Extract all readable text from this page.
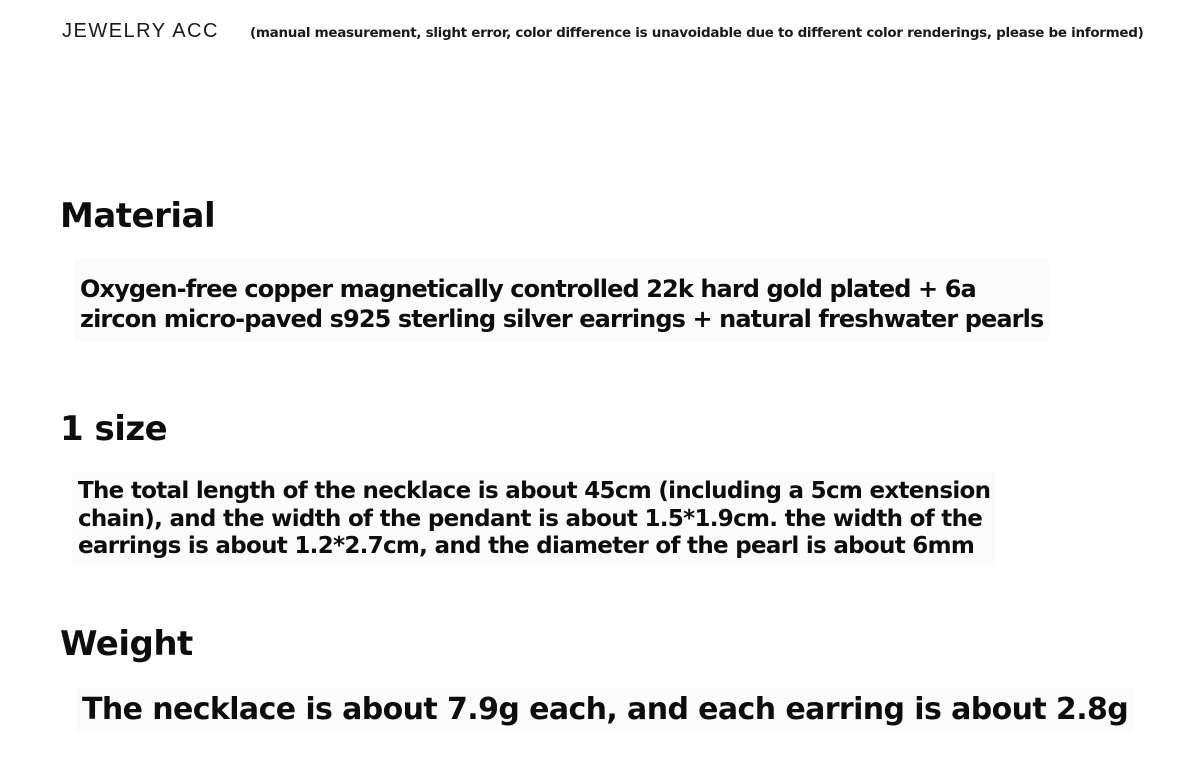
JEWELRY ACC (manual measurement, slight error, color difference is unavoidable due to different color renderings, please be informed)
Material
Oxygen-free copper magnetically controlled 22k hard gold plated + 6a
zircon micro-paved s925 sterling silver earrings + natural freshwater pearls
1 size
The total length of the necklace is about 45cm (including a 5cm extension
chain), and the width of the pendant is about 1.5*1.9cm. the width of the
earrings is about 1.2*2.7cm, and the diameter of the pearl is about 6mm
Weight
The necklace is about 7.9g each, and each earring is about 2.8g
